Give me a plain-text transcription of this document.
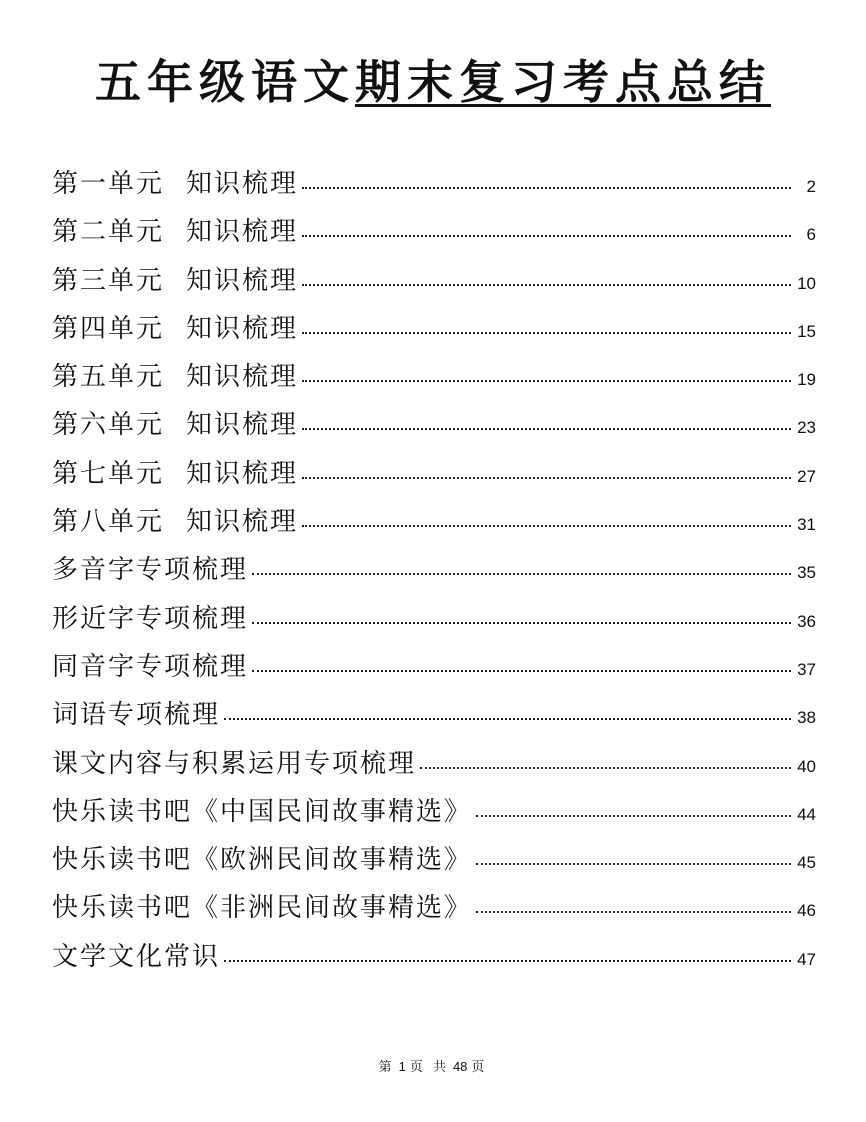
五年级语文期末复习考点总结
第一单元 知识梳理	2
第二单元 知识梳理	6
第三单元 知识梳理	10
第四单元 知识梳理	15
第五单元 知识梳理	19
第六单元 知识梳理	23
第七单元 知识梳理	27
第八单元 知识梳理	31
多音字专项梳理	35
形近字专项梳理	36
同音字专项梳理	37
词语专项梳理	38
课文内容与积累运用专项梳理	40
快乐读书吧《中国民间故事精选》	44
快乐读书吧《欧洲民间故事精选》	45
快乐读书吧《非洲民间故事精选》	46
文学文化常识	47
第 1 页 共 48 页
